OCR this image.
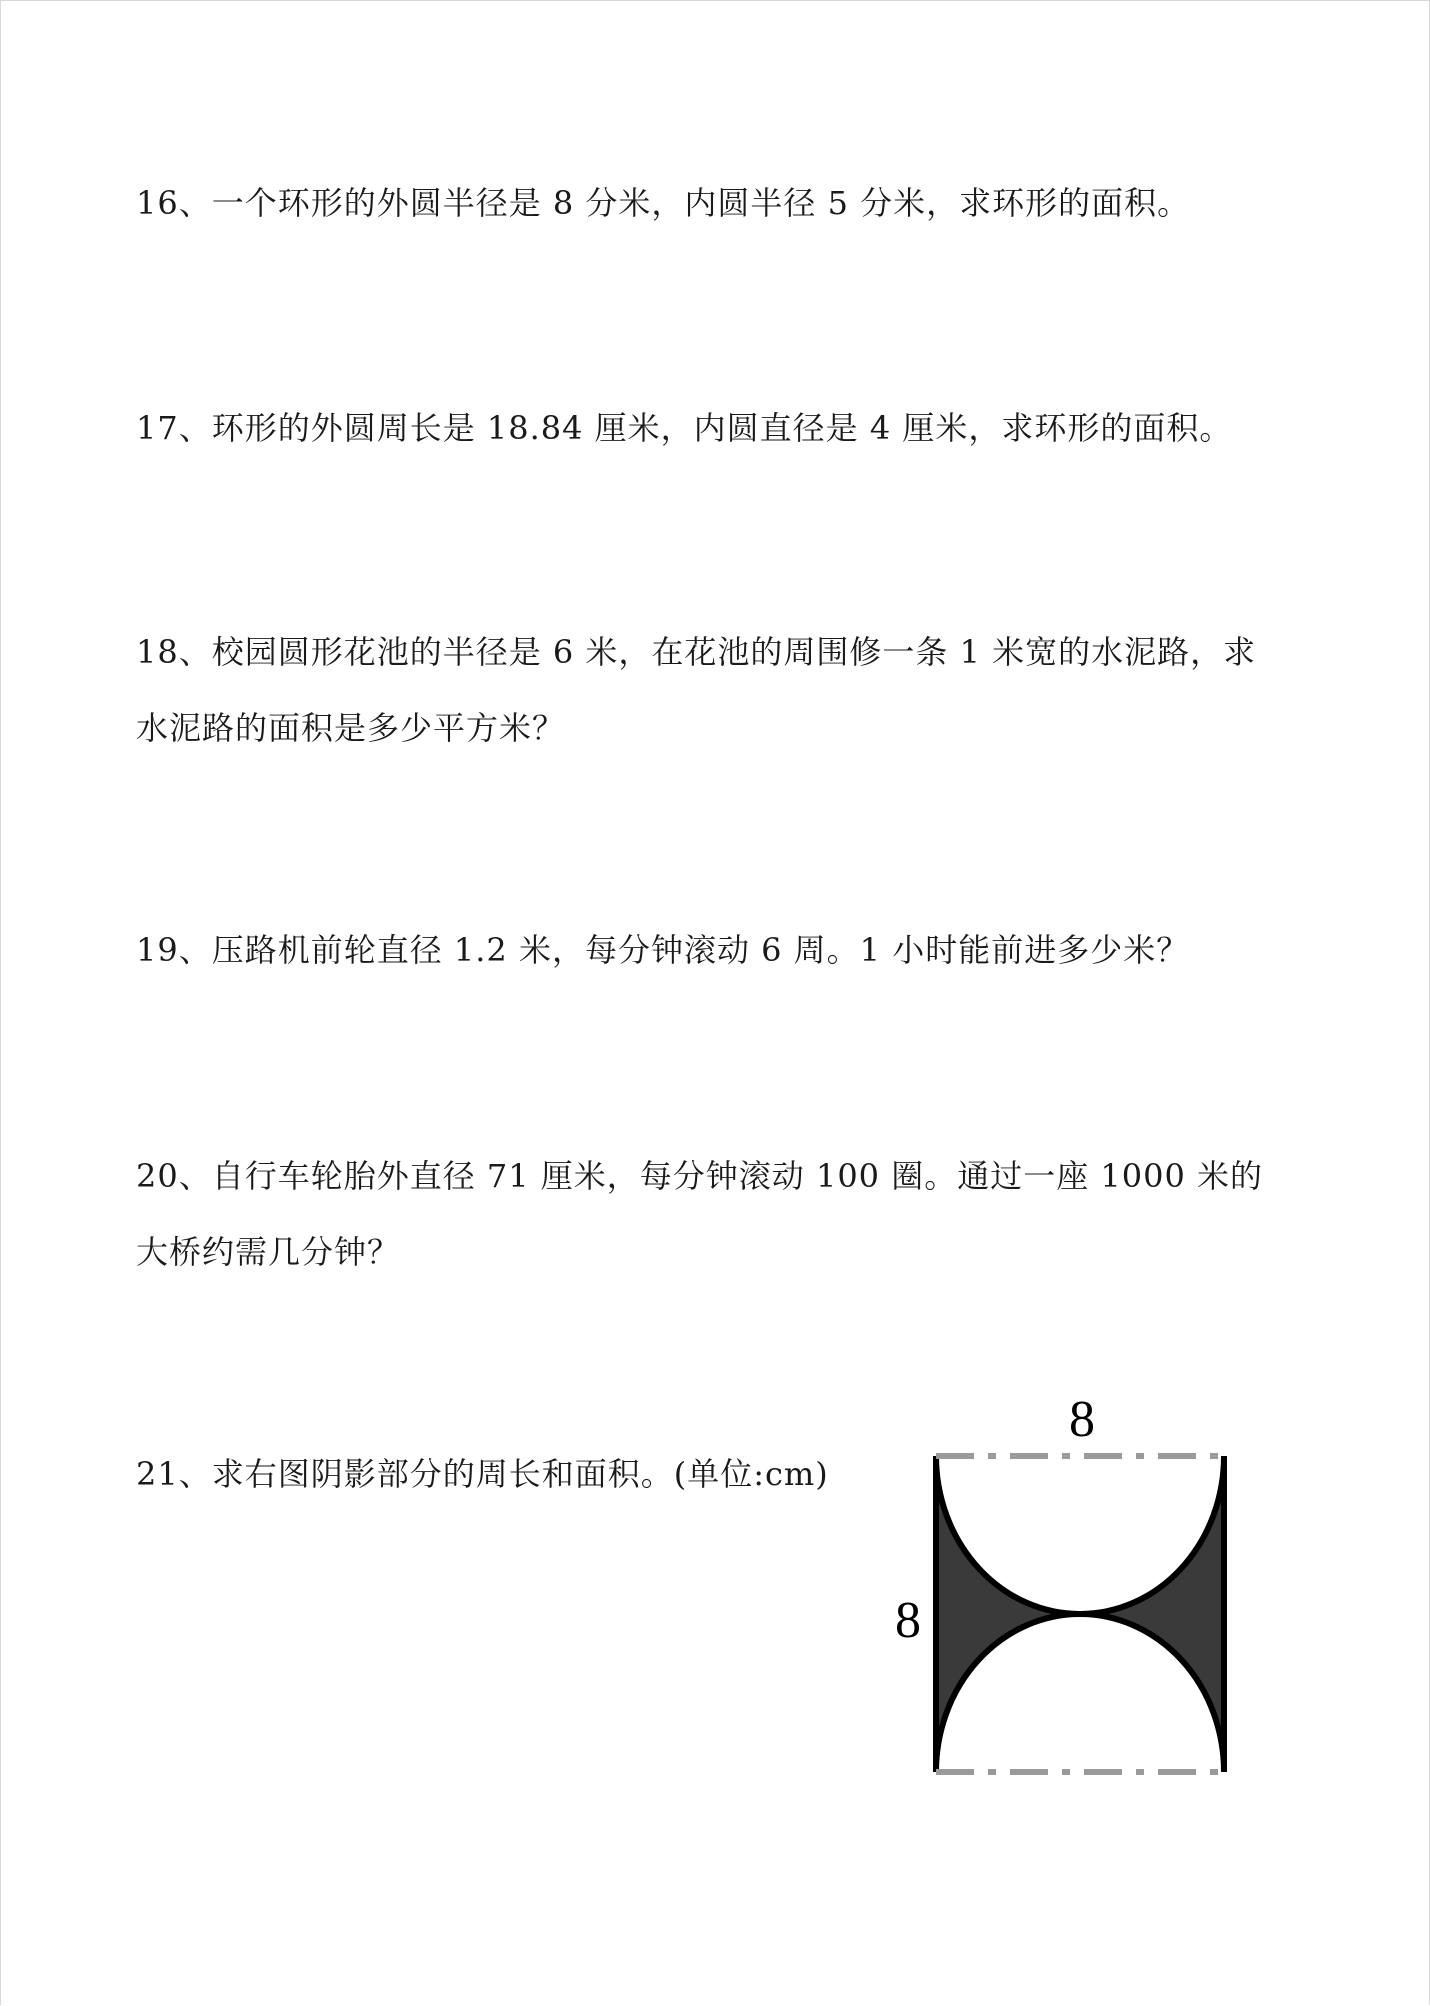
16、一个环形的外圆半径是 8 分米，内圆半径 5 分米，求环形的面积。

17、环形的外圆周长是 18.84 厘米，内圆直径是 4 厘米，求环形的面积。

18、校园圆形花池的半径是 6 米，在花池的周围修一条 1 米宽的水泥路，求水泥路的面积是多少平方米？

19、压路机前轮直径 1.2 米，每分钟滚动 6 周。1 小时能前进多少米？

20、自行车轮胎外直径 71 厘米，每分钟滚动 100 圈。通过一座 1000 米的大桥约需几分钟？

21、求右图阴影部分的周长和面积。(单位:cm)

8
8
